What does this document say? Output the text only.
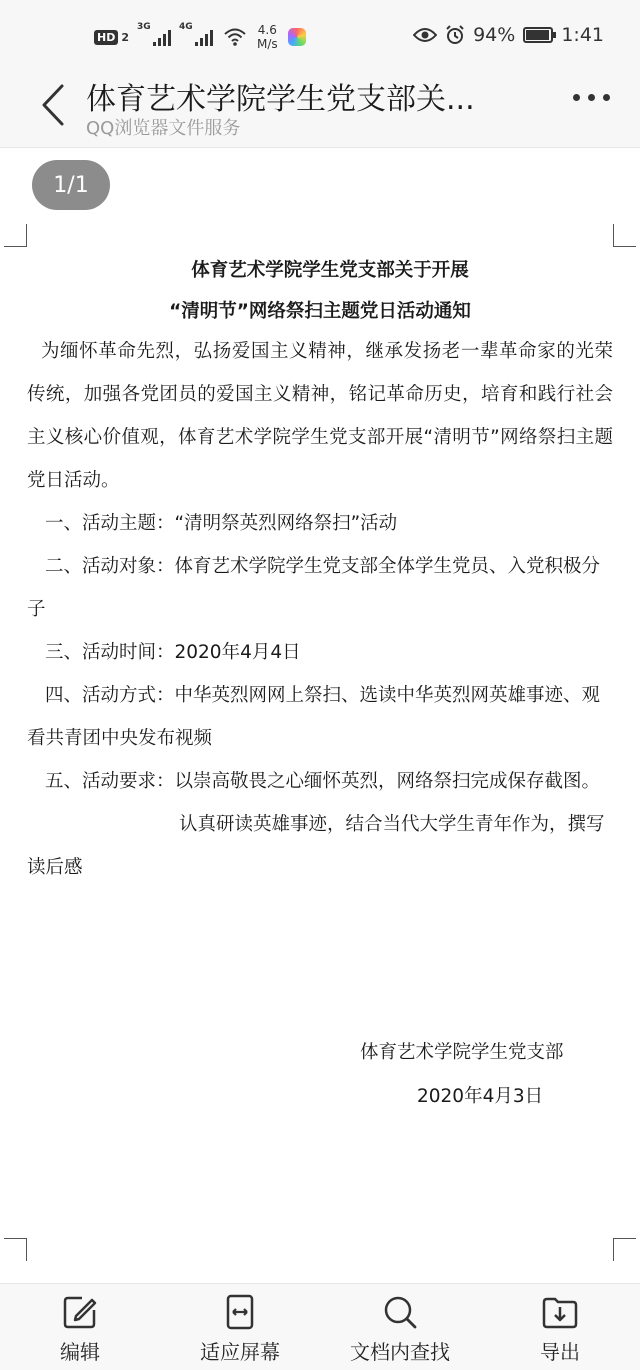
HD 2
3G	4G	4.6
M/s	94% 1:41
体育艺术学院学生党支部关...
QQ浏览器文件服务
1/1
体育艺术学院学生党支部关于开展
“清明节”网络祭扫主题党日活动通知

为缅怀革命先烈，弘扬爱国主义精神，继承发扬老一辈革命家的光荣传统，加强各党团员的爱国主义精神，铭记革命历史，培育和践行社会主义核心价值观，体育艺术学院学生党支部开展“清明节”网络祭扫主题党日活动。

一、活动主题：“清明祭英烈网络祭扫”活动

二、活动对象：体育艺术学院学生党支部全体学生党员、入党积极分子

三、活动时间：2020年4月4日

四、活动方式：中华英烈网网上祭扫、选读中华英烈网英雄事迹、观看共青团中央发布视频

五、活动要求：以崇高敬畏之心缅怀英烈，网络祭扫完成保存截图。

认真研读英雄事迹，结合当代大学生青年作为，撰写读后感

体育艺术学院学生党支部
2020年4月3日
编辑	适应屏幕	文档内查找	导出
